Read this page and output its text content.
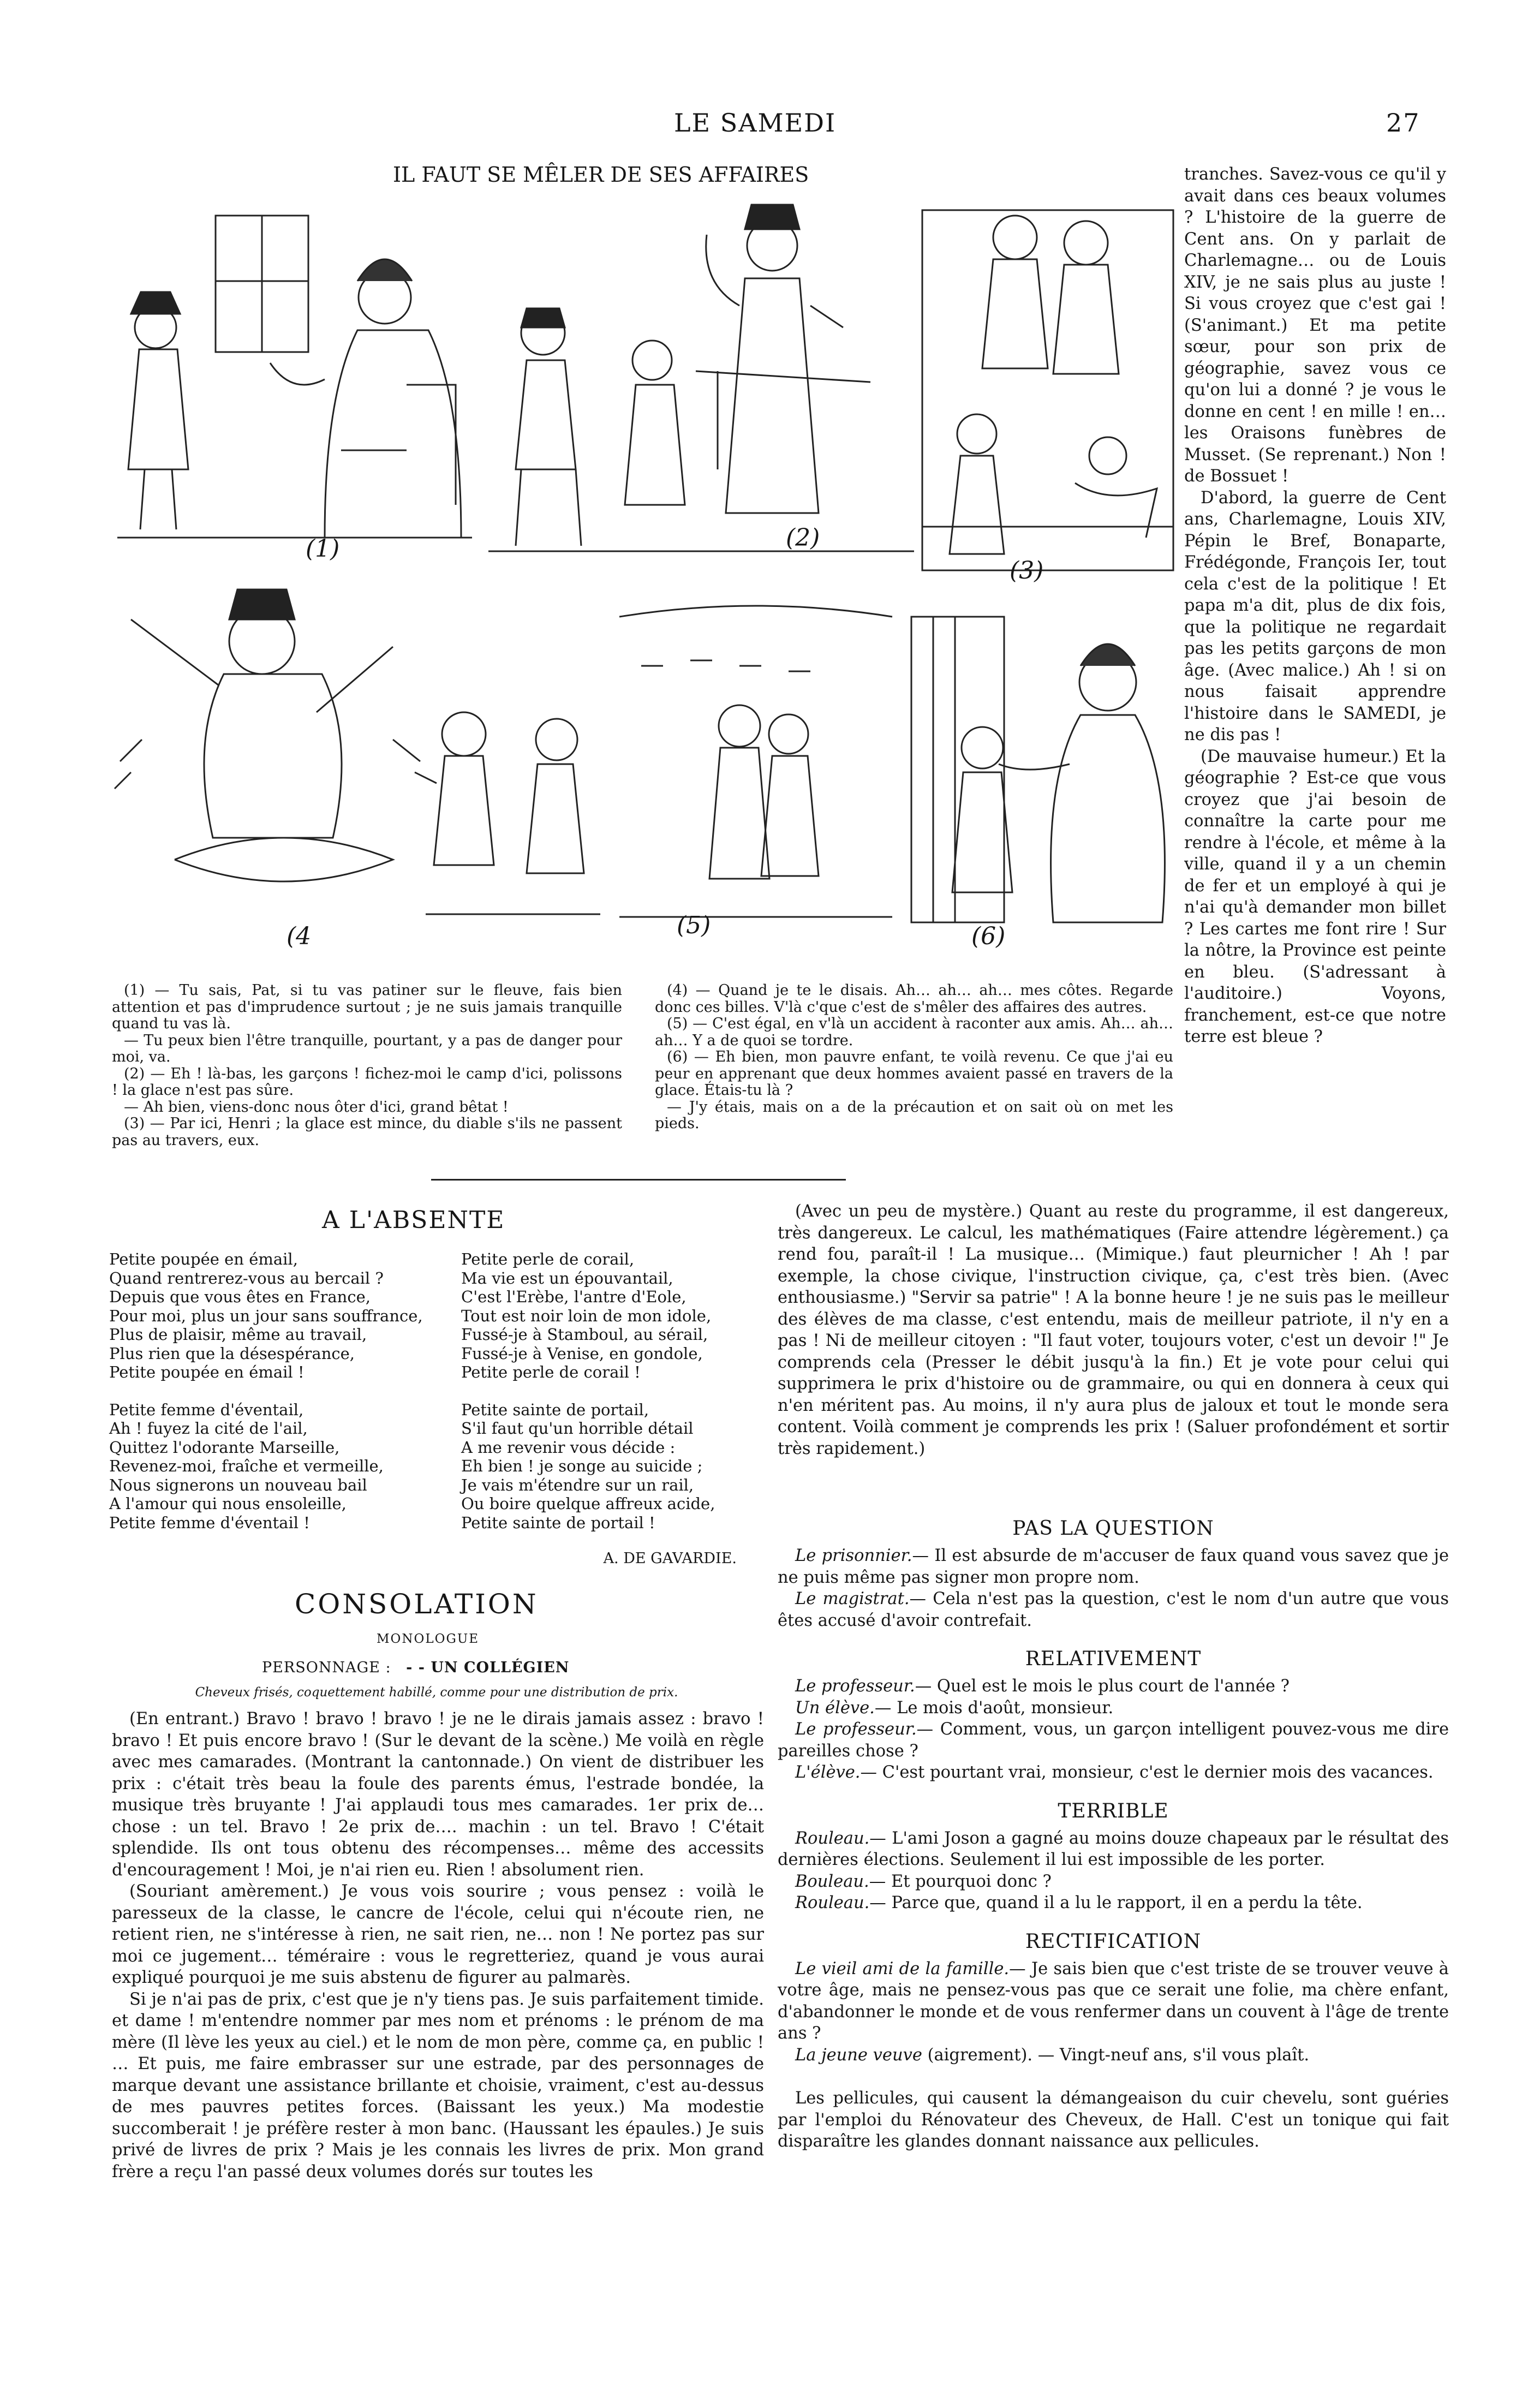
LE SAMEDI	27
IL FAUT SE MÊLER DE SES AFFAIRES
(1)	(2)
(3)
(4	(5)	(6)

(1) — Tu sais, Pat, si tu vas patiner sur le fleuve, fais bien attention et pas d'imprudence surtout ; je ne suis jamais tranquille quand tu vas là.

— Tu peux bien l'être tranquille, pourtant, y a pas de danger pour moi, va.

(2) — Eh ! là-bas, les garçons ! fichez-moi le camp d'ici, polissons ! la glace n'est pas sûre.

— Ah bien, viens-donc nous ôter d'ici, grand bêtat !

(3) — Par ici, Henri ; la glace est mince, du diable s'ils ne passent pas au travers, eux.

(4) — Quand je te le disais. Ah… ah… ah… mes côtes. Regarde donc ces billes. V'là c'que c'est de s'mêler des affaires des autres.

(5) — C'est égal, en v'là un accident à raconter aux amis. Ah… ah… ah… Y a de quoi se tordre.

(6) — Eh bien, mon pauvre enfant, te voilà revenu. Ce que j'ai eu peur en apprenant que deux hommes avaient passé en travers de la glace. Étais-tu là ?

— J'y étais, mais on a de la précaution et on sait où on met les pieds.

tranches. Savez-vous ce qu'il y avait dans ces beaux volumes ? L'histoire de la guerre de Cent ans. On y parlait de Charlemagne… ou de Louis XIV, je ne sais plus au juste ! Si vous croyez que c'est gai ! (S'animant.) Et ma petite sœur, pour son prix de géographie, savez vous ce qu'on lui a donné ? je vous le donne en cent ! en mille ! en… les Oraisons funèbres de Musset. (Se reprenant.) Non ! de Bossuet !

D'abord, la guerre de Cent ans, Charlemagne, Louis XIV, Pépin le Bref, Bonaparte, Frédégonde, François Ier, tout cela c'est de la politique ! Et papa m'a dit, plus de dix fois, que la politique ne regardait pas les petits garçons de mon âge. (Avec malice.) Ah ! si on nous faisait apprendre l'histoire dans le SAMEDI, je ne dis pas !

(De mauvaise humeur.) Et la géographie ? Est-ce que vous croyez que j'ai besoin de connaître la carte pour me rendre à l'école, et même à la ville, quand il y a un chemin de fer et un employé à qui je n'ai qu'à demander mon billet ? Les cartes me font rire ! Sur la nôtre, la Province est peinte en bleu. (S'adressant à l'auditoire.) Voyons, franchement, est-ce que notre terre est bleue ?

A L'ABSENTE
Petite poupée en émail,
Quand rentrerez-vous au bercail ?
Depuis que vous êtes en France,
Pour moi, plus un jour sans souffrance,
Plus de plaisir, même au travail,
Plus rien que la désespérance,
Petite poupée en émail !
Petite femme d'éventail,
Ah ! fuyez la cité de l'ail,
Quittez l'odorante Marseille,
Revenez-moi, fraîche et vermeille,
Nous signerons un nouveau bail
A l'amour qui nous ensoleille,
Petite femme d'éventail !
Petite perle de corail,
Ma vie est un épouvantail,
C'est l'Erèbe, l'antre d'Eole,
Tout est noir loin de mon idole,
Fussé-je à Stamboul, au sérail,
Fussé-je à Venise, en gondole,
Petite perle de corail !
Petite sainte de portail,
S'il faut qu'un horrible détail
A me revenir vous décide :
Eh bien ! je songe au suicide ;
Je vais m'étendre sur un rail,
Ou boire quelque affreux acide,
Petite sainte de portail !
A. DE GAVARDIE.
CONSOLATION
MONOLOGUE
PERSONNAGE : - - UN COLLÉGIEN
Cheveux frisés, coquettement habillé, comme pour une distribution de prix.

(En entrant.) Bravo ! bravo ! bravo ! je ne le dirais jamais assez : bravo ! bravo ! Et puis encore bravo ! (Sur le devant de la scène.) Me voilà en règle avec mes camarades. (Montrant la cantonnade.) On vient de distribuer les prix : c'était très beau la foule des parents émus, l'estrade bondée, la musique très bruyante ! J'ai applaudi tous mes camarades. 1er prix de… chose : un tel. Bravo ! 2e prix de…. machin : un tel. Bravo ! C'était splendide. Ils ont tous obtenu des récompenses… même des accessits d'encouragement ! Moi, je n'ai rien eu. Rien ! absolument rien.

(Souriant amèrement.) Je vous vois sourire ; vous pensez : voilà le paresseux de la classe, le cancre de l'école, celui qui n'écoute rien, ne retient rien, ne s'intéresse à rien, ne sait rien, ne… non ! Ne portez pas sur moi ce jugement… téméraire : vous le regretteriez, quand je vous aurai expliqué pourquoi je me suis abstenu de figurer au palmarès.

Si je n'ai pas de prix, c'est que je n'y tiens pas. Je suis parfaitement timide. et dame ! m'entendre nommer par mes nom et prénoms : le prénom de ma mère (Il lève les yeux au ciel.) et le nom de mon père, comme ça, en public ! … Et puis, me faire embrasser sur une estrade, par des personnages de marque devant une assistance brillante et choisie, vraiment, c'est au-dessus de mes pauvres petites forces. (Baissant les yeux.) Ma modestie succomberait ! je préfère rester à mon banc. (Haussant les épaules.) Je suis privé de livres de prix ? Mais je les connais les livres de prix. Mon grand frère a reçu l'an passé deux volumes dorés sur toutes les

(Avec un peu de mystère.) Quant au reste du programme, il est dangereux, très dangereux. Le calcul, les mathématiques (Faire attendre légèrement.) ça rend fou, paraît-il ! La musique… (Mimique.) faut pleurnicher ! Ah ! par exemple, la chose civique, l'instruction civique, ça, c'est très bien. (Avec enthousiasme.) "Servir sa patrie" ! A la bonne heure ! je ne suis pas le meilleur des élèves de ma classe, c'est entendu, mais de meilleur patriote, il n'y en a pas ! Ni de meilleur citoyen : "Il faut voter, toujours voter, c'est un devoir !" Je comprends cela (Presser le débit jusqu'à la fin.) Et je vote pour celui qui supprimera le prix d'histoire ou de grammaire, ou qui en donnera à ceux qui n'en méritent pas. Au moins, il n'y aura plus de jaloux et tout le monde sera content. Voilà comment je comprends les prix ! (Saluer profondément et sortir très rapidement.)

PAS LA QUESTION

Le prisonnier.— Il est absurde de m'accuser de faux quand vous savez que je ne puis même pas signer mon propre nom.

Le magistrat.— Cela n'est pas la question, c'est le nom d'un autre que vous êtes accusé d'avoir contrefait.

RELATIVEMENT

Le professeur.— Quel est le mois le plus court de l'année ?

Un élève.— Le mois d'août, monsieur.

Le professeur.— Comment, vous, un garçon intelligent pouvez-vous me dire pareilles chose ?

L'élève.— C'est pourtant vrai, monsieur, c'est le dernier mois des vacances.

TERRIBLE

Rouleau.— L'ami Joson a gagné au moins douze chapeaux par le résultat des dernières élections. Seulement il lui est impossible de les porter.

Bouleau.— Et pourquoi donc ?

Rouleau.— Parce que, quand il a lu le rapport, il en a perdu la tête.

RECTIFICATION

Le vieil ami de la famille.— Je sais bien que c'est triste de se trouver veuve à votre âge, mais ne pensez-vous pas que ce serait une folie, ma chère enfant, d'abandonner le monde et de vous renfermer dans un couvent à l'âge de trente ans ?

La jeune veuve (aigrement). — Vingt-neuf ans, s'il vous plaît.

Les pellicules, qui causent la démangeaison du cuir chevelu, sont guéries par l'emploi du Rénovateur des Cheveux, de Hall. C'est un tonique qui fait disparaître les glandes donnant naissance aux pellicules.
